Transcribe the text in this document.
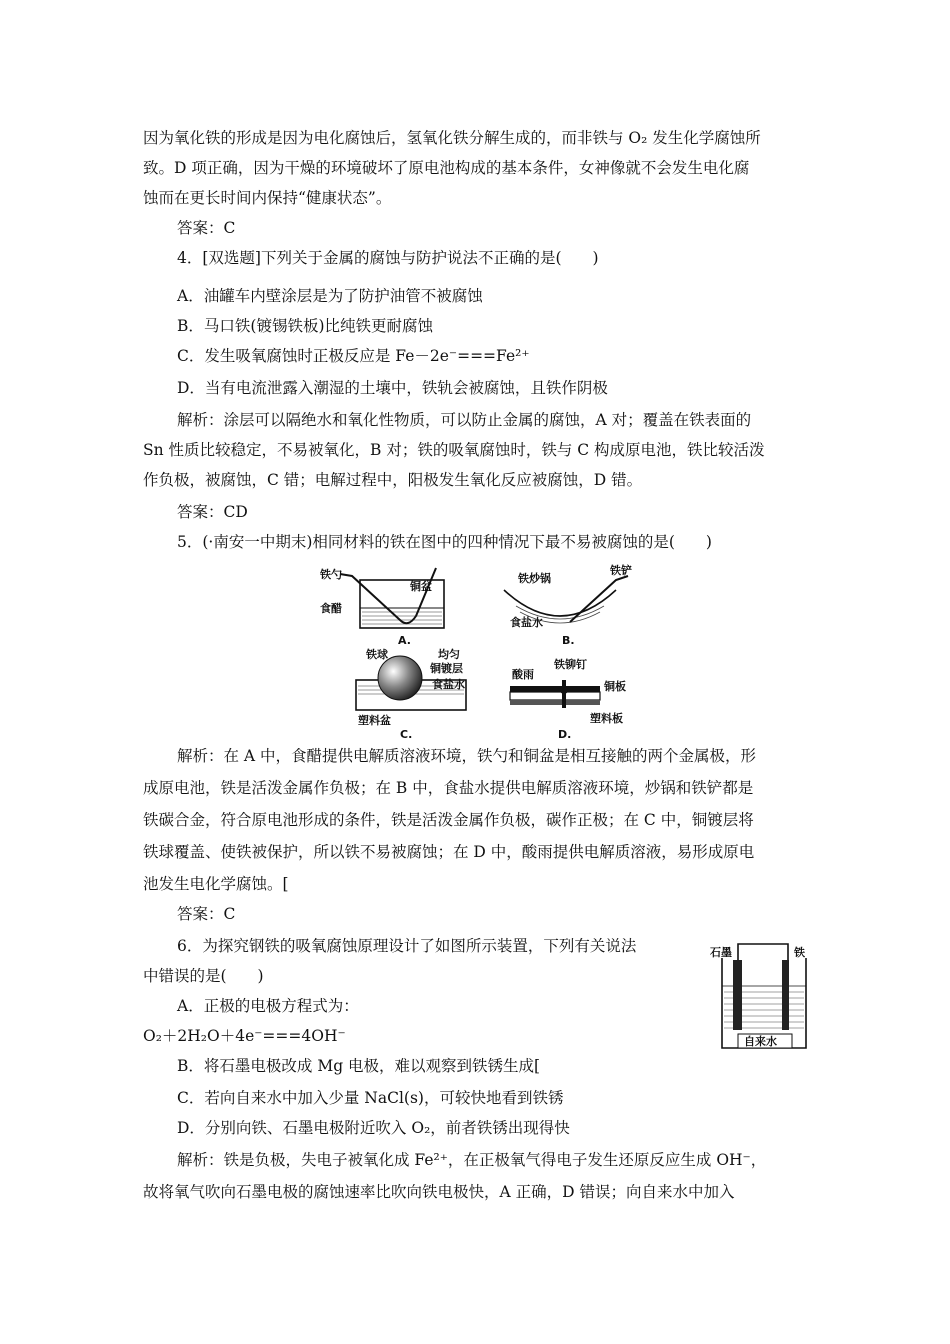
因为氧化铁的形成是因为电化腐蚀后，氢氧化铁分解生成的，而非铁与 O₂ 发生化学腐蚀所
致。D 项正确，因为干燥的环境破坏了原电池构成的基本条件，女神像就不会发生电化腐
蚀而在更长时间内保持“健康状态”。
答案：C
4．[双选题]下列关于金属的腐蚀与防护说法不正确的是(　　)
A．油罐车内壁涂层是为了防护油管不被腐蚀
B．马口铁(镀锡铁板)比纯铁更耐腐蚀
C．发生吸氧腐蚀时正极反应是 Fe－2e⁻===Fe²⁺
D．当有电流泄露入潮湿的土壤中，铁轨会被腐蚀，且铁作阴极
解析：涂层可以隔绝水和氧化性物质，可以防止金属的腐蚀，A 对；覆盖在铁表面的
Sn 性质比较稳定，不易被氧化，B 对；铁的吸氧腐蚀时，铁与 C 构成原电池，铁比较活泼
作负极，被腐蚀，C 错；电解过程中，阳极发生氧化反应被腐蚀，D 错。
答案：CD
5．(·南安一中期末)相同材料的铁在图中的四种情况下最不易被腐蚀的是(　　)
解析：在 A 中，食醋提供电解质溶液环境，铁勺和铜盆是相互接触的两个金属极，形
成原电池，铁是活泼金属作负极；在 B 中，食盐水提供电解质溶液环境，炒锅和铁铲都是
铁碳合金，符合原电池形成的条件，铁是活泼金属作负极，碳作正极；在 C 中，铜镀层将
铁球覆盖、使铁被保护，所以铁不易被腐蚀；在 D 中，酸雨提供电解质溶液，易形成原电
池发生电化学腐蚀。[
答案：C
6．为探究钢铁的吸氧腐蚀原理设计了如图所示装置，下列有关说法
中错误的是(　　)
A．正极的电极方程式为：
O₂＋2H₂O＋4e⁻===4OH⁻
B．将石墨电极改成 Mg 电极，难以观察到铁锈生成[
C．若向自来水中加入少量 NaCl(s)，可较快地看到铁锈
D．分别向铁、石墨电极附近吹入 O₂，前者铁锈出现得快
解析：铁是负极，失电子被氧化成 Fe²⁺，在正极氧气得电子发生还原反应生成 OH⁻，
故将氧气吹向石墨电极的腐蚀速率比吹向铁电极快，A 正确，D 错误；向自来水中加入
铁勺
铜盆
食醋
A.
铁炒锅
铁铲
食盐水
B.
铁球	均匀
铜镀层
食盐水
塑料盆
C.
酸雨
铁铆钉
铜板
塑料板
D.
石墨	铁
自来水
